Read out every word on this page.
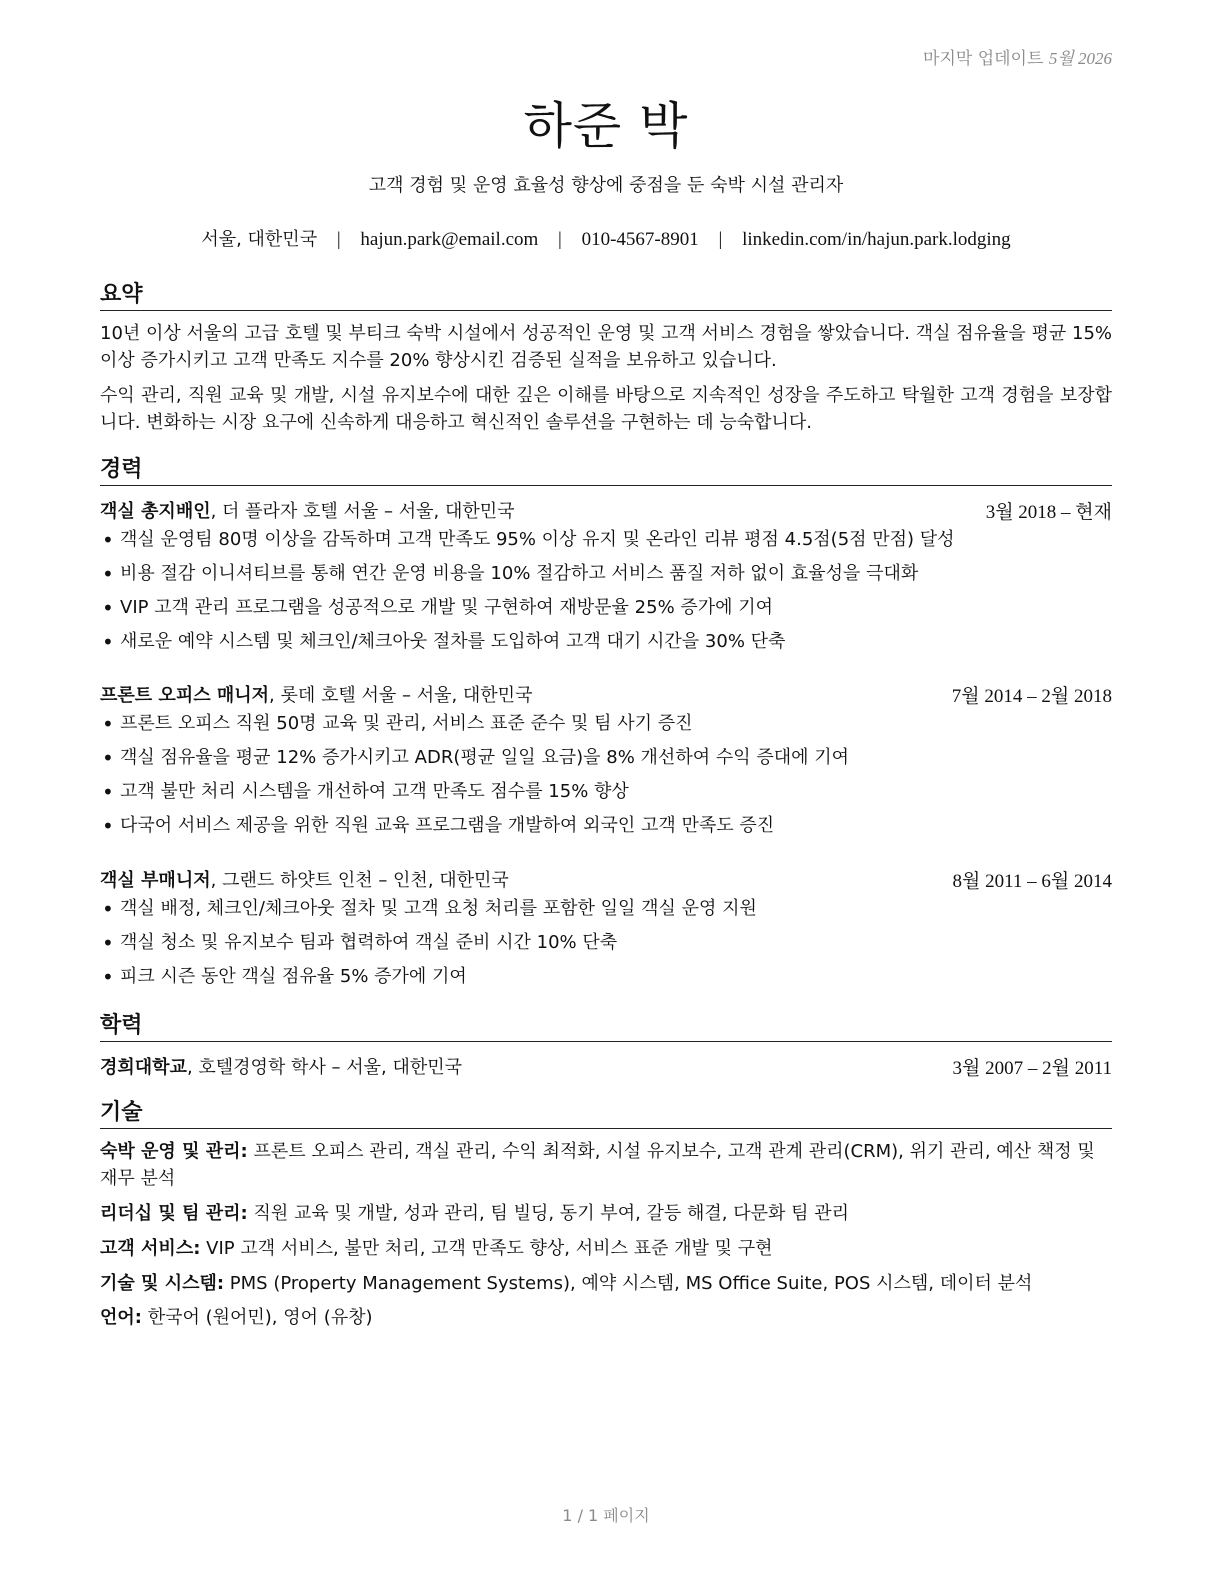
마지막 업데이트 5월 2026
하준 박
고객 경험 및 운영 효율성 향상에 중점을 둔 숙박 시설 관리자
서울, 대한민국 | hajun.park@email.com | 010-4567-8901 | linkedin.com/in/hajun.park.lodging
요약
10년 이상 서울의 고급 호텔 및 부티크 숙박 시설에서 성공적인 운영 및 고객 서비스 경험을 쌓았습니다. 객실 점유율을 평균 15% 이상 증가시키고 고객 만족도 지수를 20% 향상시킨 검증된 실적을 보유하고 있습니다.
수익 관리, 직원 교육 및 개발, 시설 유지보수에 대한 깊은 이해를 바탕으로 지속적인 성장을 주도하고 탁월한 고객 경험을 보장합니다. 변화하는 시장 요구에 신속하게 대응하고 혁신적인 솔루션을 구현하는 데 능숙합니다.
경력
객실 총지배인, 더 플라자 호텔 서울 – 서울, 대한민국	3월 2018 – 현재
• 객실 운영팀 80명 이상을 감독하며 고객 만족도 95% 이상 유지 및 온라인 리뷰 평점 4.5점(5점 만점) 달성
• 비용 절감 이니셔티브를 통해 연간 운영 비용을 10% 절감하고 서비스 품질 저하 없이 효율성을 극대화
• VIP 고객 관리 프로그램을 성공적으로 개발 및 구현하여 재방문율 25% 증가에 기여
• 새로운 예약 시스템 및 체크인/체크아웃 절차를 도입하여 고객 대기 시간을 30% 단축
프론트 오피스 매니저, 롯데 호텔 서울 – 서울, 대한민국	7월 2014 – 2월 2018
• 프론트 오피스 직원 50명 교육 및 관리, 서비스 표준 준수 및 팀 사기 증진
• 객실 점유율을 평균 12% 증가시키고 ADR(평균 일일 요금)을 8% 개선하여 수익 증대에 기여
• 고객 불만 처리 시스템을 개선하여 고객 만족도 점수를 15% 향상
• 다국어 서비스 제공을 위한 직원 교육 프로그램을 개발하여 외국인 고객 만족도 증진
객실 부매니저, 그랜드 하얏트 인천 – 인천, 대한민국	8월 2011 – 6월 2014
• 객실 배정, 체크인/체크아웃 절차 및 고객 요청 처리를 포함한 일일 객실 운영 지원
• 객실 청소 및 유지보수 팀과 협력하여 객실 준비 시간 10% 단축
• 피크 시즌 동안 객실 점유율 5% 증가에 기여
학력
경희대학교, 호텔경영학 학사 – 서울, 대한민국	3월 2007 – 2월 2011
기술
숙박 운영 및 관리: 프론트 오피스 관리, 객실 관리, 수익 최적화, 시설 유지보수, 고객 관계 관리(CRM), 위기 관리, 예산 책정 및 재무 분석
리더십 및 팀 관리: 직원 교육 및 개발, 성과 관리, 팀 빌딩, 동기 부여, 갈등 해결, 다문화 팀 관리
고객 서비스: VIP 고객 서비스, 불만 처리, 고객 만족도 향상, 서비스 표준 개발 및 구현
기술 및 시스템: PMS (Property Management Systems), 예약 시스템, MS Office Suite, POS 시스템, 데이터 분석
언어: 한국어 (원어민), 영어 (유창)
1 / 1 페이지
